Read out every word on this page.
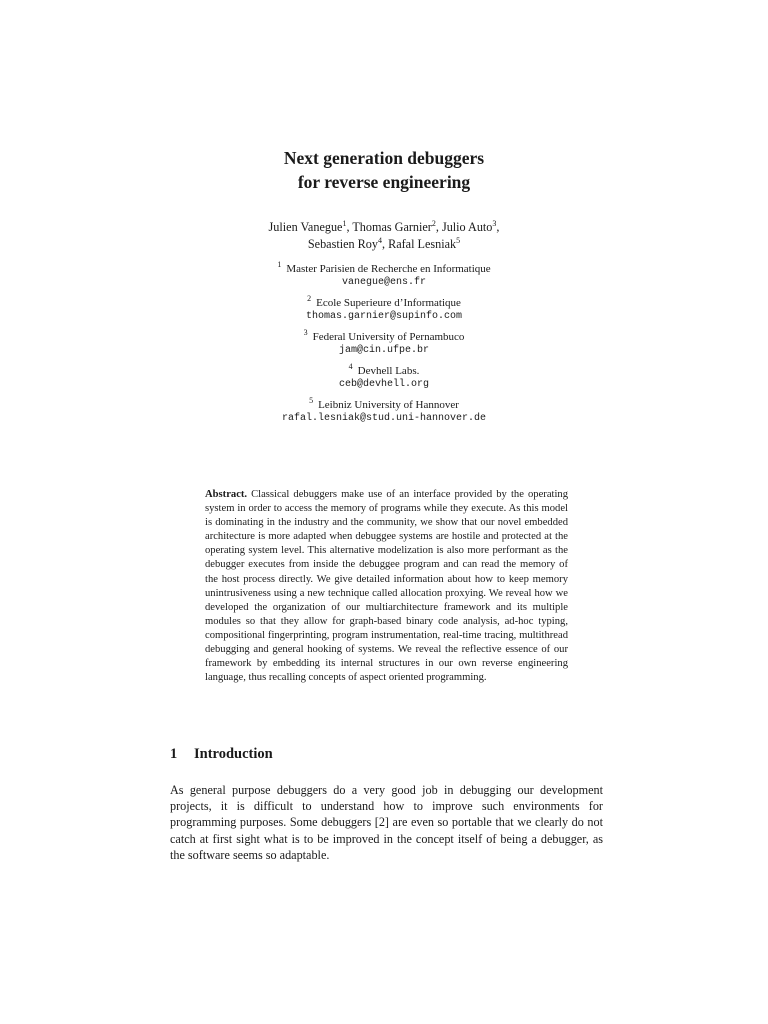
Next generation debuggers
for reverse engineering
Julien Vanegue$^1$, Thomas Garnier$^2$, Julio Auto$^3$,
Sebastien Roy$^4$, Rafal Lesniak$^5$
$^1$ Master Parisien de Recherche en Informatique
vanegue@ens.fr
$^2$ Ecole Superieure d’Informatique
thomas.garnier@supinfo.com
$^3$ Federal University of Pernambuco
jam@cin.ufpe.br
$^4$ Devhell Labs.
ceb@devhell.org
$^5$ Leibniz University of Hannover
rafal.lesniak@stud.uni-hannover.de
Abstract. Classical debuggers make use of an interface provided by the operating system in order to access the memory of programs while they execute. As this model is dominating in the industry and the community, we show that our novel embedded architecture is more adapted when debuggee systems are hostile and protected at the operating system level. This alternative modelization is also more performant as the debugger executes from inside the debuggee program and can read the memory of the host process directly. We give detailed information about how to keep memory unintrusiveness using a new technique called allocation proxying. We reveal how we developed the organization of our multiarchitecture framework and its multiple modules so that they allow for graph-based binary code analysis, ad-hoc typing, compositional fingerprinting, program instrumentation, real-time tracing, multithread debugging and general hooking of systems. We reveal the reflective essence of our framework by embedding its internal structures in our own reverse engineering language, thus recalling concepts of aspect oriented programming.
1 Introduction
As general purpose debuggers do a very good job in debugging our development projects, it is difficult to understand how to improve such environments for programming purposes. Some debuggers [2] are even so portable that we clearly do not catch at first sight what is to be improved in the concept itself of being a debugger, as the software seems so adaptable.
